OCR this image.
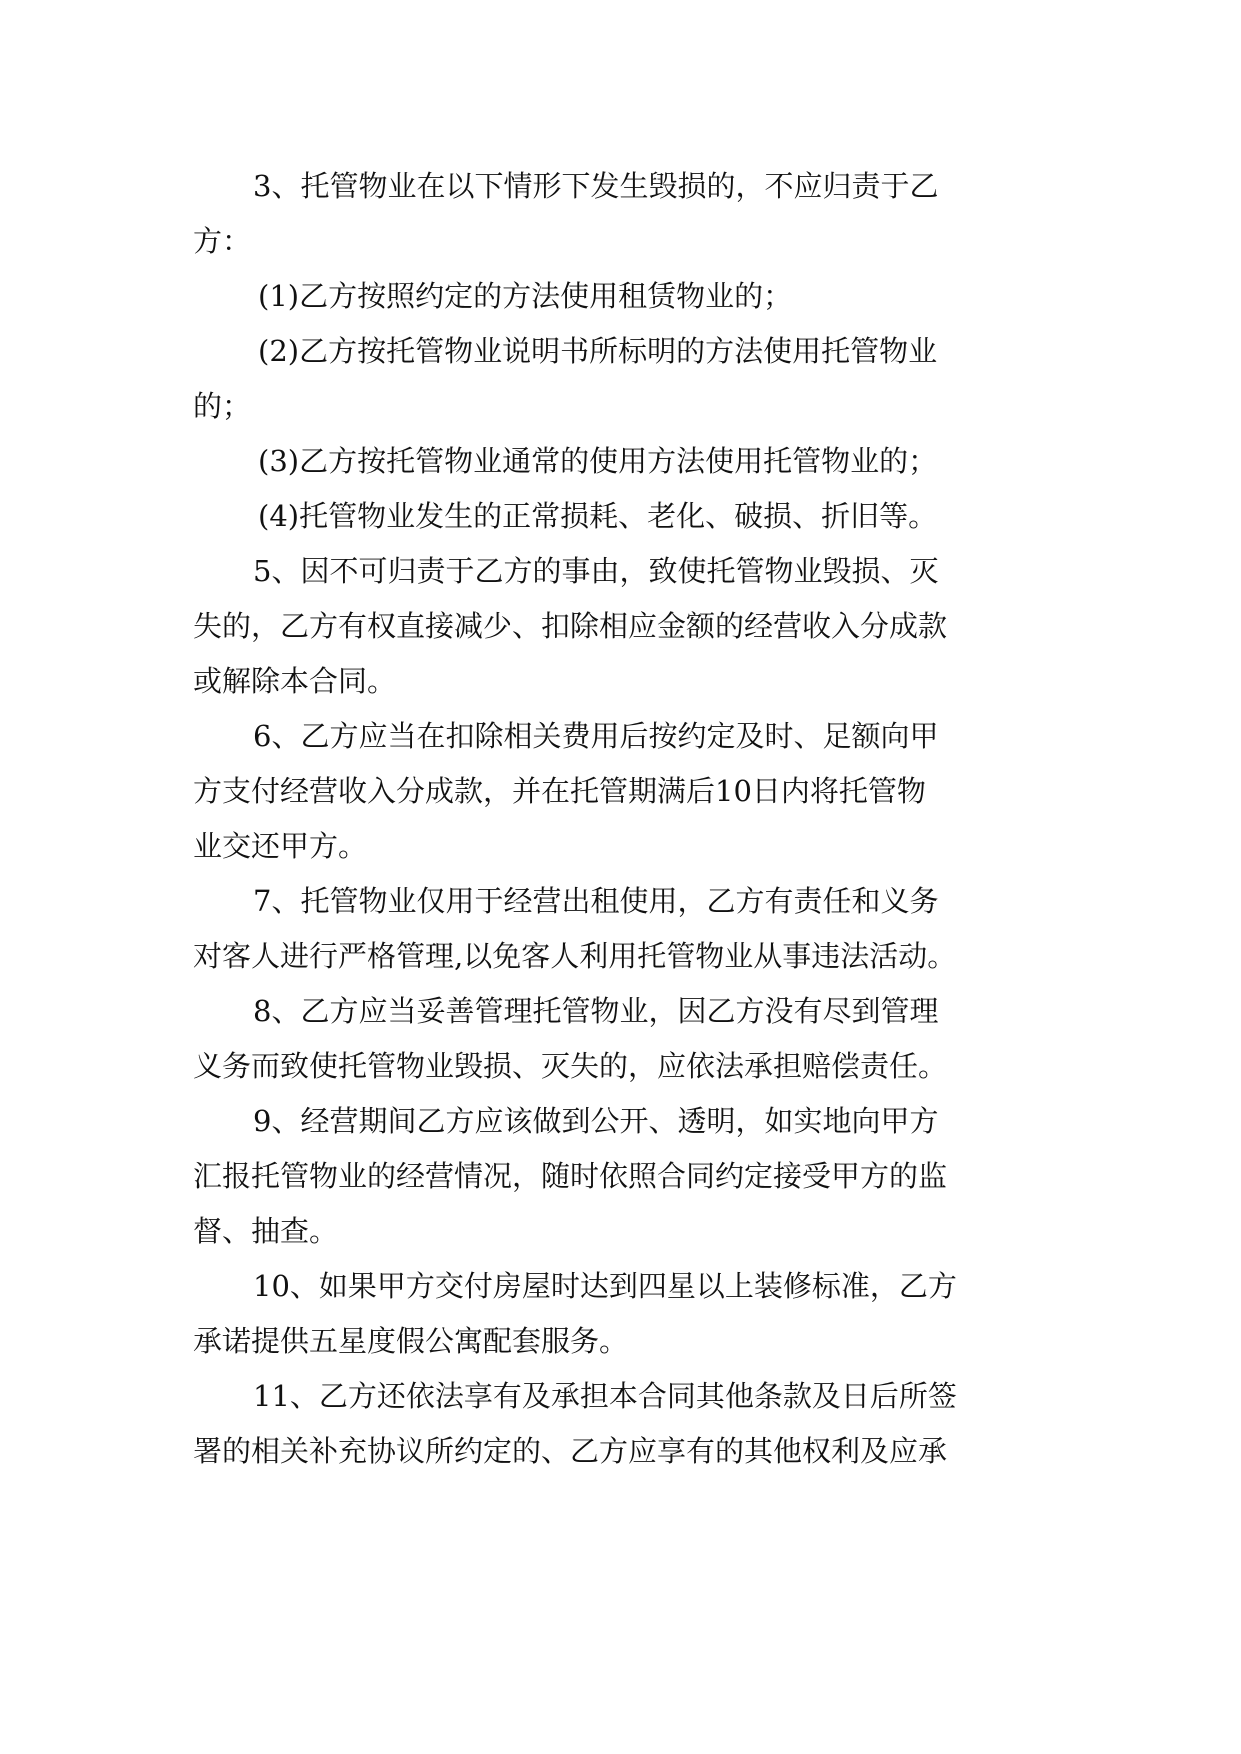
3、托管物业在以下情形下发生毁损的，不应归责于乙
方：
(1)乙方按照约定的方法使用租赁物业的；
(2)乙方按托管物业说明书所标明的方法使用托管物业
的；
(3)乙方按托管物业通常的使用方法使用托管物业的；
(4)托管物业发生的正常损耗、老化、破损、折旧等。
5、因不可归责于乙方的事由，致使托管物业毁损、灭
失的，乙方有权直接减少、扣除相应金额的经营收入分成款
或解除本合同。
6、乙方应当在扣除相关费用后按约定及时、足额向甲
方支付经营收入分成款，并在托管期满后10日内将托管物
业交还甲方。
7、托管物业仅用于经营出租使用，乙方有责任和义务
对客人进行严格管理,以免客人利用托管物业从事违法活动。
8、乙方应当妥善管理托管物业，因乙方没有尽到管理
义务而致使托管物业毁损、灭失的，应依法承担赔偿责任。
9、经营期间乙方应该做到公开、透明，如实地向甲方
汇报托管物业的经营情况，随时依照合同约定接受甲方的监
督、抽查。
10、如果甲方交付房屋时达到四星以上装修标准，乙方
承诺提供五星度假公寓配套服务。
11、乙方还依法享有及承担本合同其他条款及日后所签
署的相关补充协议所约定的、乙方应享有的其他权利及应承
